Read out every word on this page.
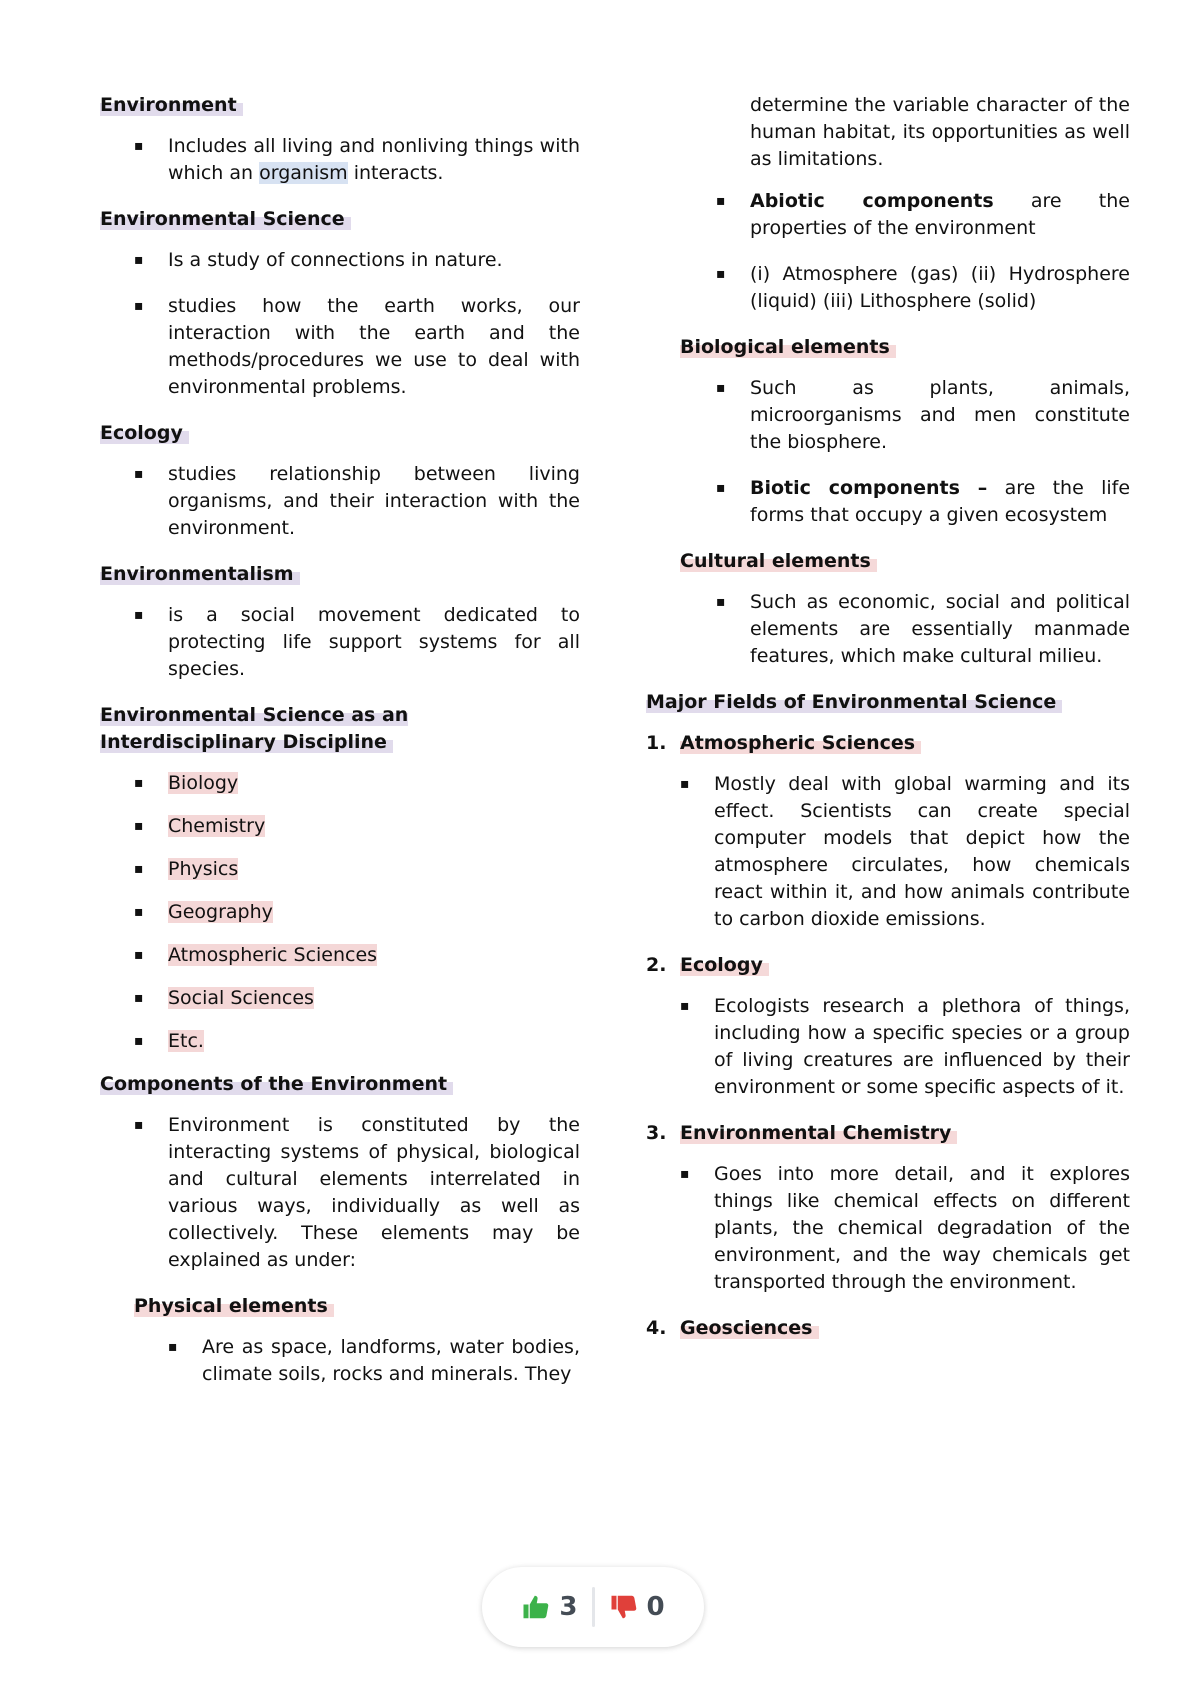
Environment
▪ Includes all living and nonliving things with which an organism interacts.
Environmental Science
▪ Is a study of connections in nature.
▪ studies how the earth works, our interaction with the earth and the methods/procedures we use to deal with environmental problems.
Ecology
▪ studies relationship between living organisms, and their interaction with the environment.
Environmentalism
▪ is a social movement dedicated to protecting life support systems for all species.
Environmental Science as an Interdisciplinary Discipline
▪ Biology
▪ Chemistry
▪ Physics
▪ Geography
▪ Atmospheric Sciences
▪ Social Sciences
▪ Etc.
Components of the Environment
▪ Environment is constituted by the interacting systems of physical, biological and cultural elements interrelated in various ways, individually as well as collectively. These elements may be explained as under:
Physical elements
▪ Are as space, landforms, water bodies, climate soils, rocks and minerals. They
determine the variable character of the human habitat, its opportunities as well as limitations.
▪ Abiotic components are the properties of the environment
▪ (i) Atmosphere (gas) (ii) Hydrosphere (liquid) (iii) Lithosphere (solid)
Biological elements
▪ Such as plants, animals, microorganisms and men constitute the biosphere.
▪ Biotic components – are the life forms that occupy a given ecosystem
Cultural elements
▪ Such as economic, social and political elements are essentially manmade features, which make cultural milieu.
Major Fields of Environmental Science
1. Atmospheric Sciences
▪ Mostly deal with global warming and its effect. Scientists can create special computer models that depict how the atmosphere circulates, how chemicals react within it, and how animals contribute to carbon dioxide emissions.
2. Ecology
▪ Ecologists research a plethora of things, including how a specific species or a group of living creatures are influenced by their environment or some specific aspects of it.
3. Environmental Chemistry
▪ Goes into more detail, and it explores things like chemical effects on different plants, the chemical degradation of the environment, and the way chemicals get transported through the environment.
4. Geosciences
3	0
